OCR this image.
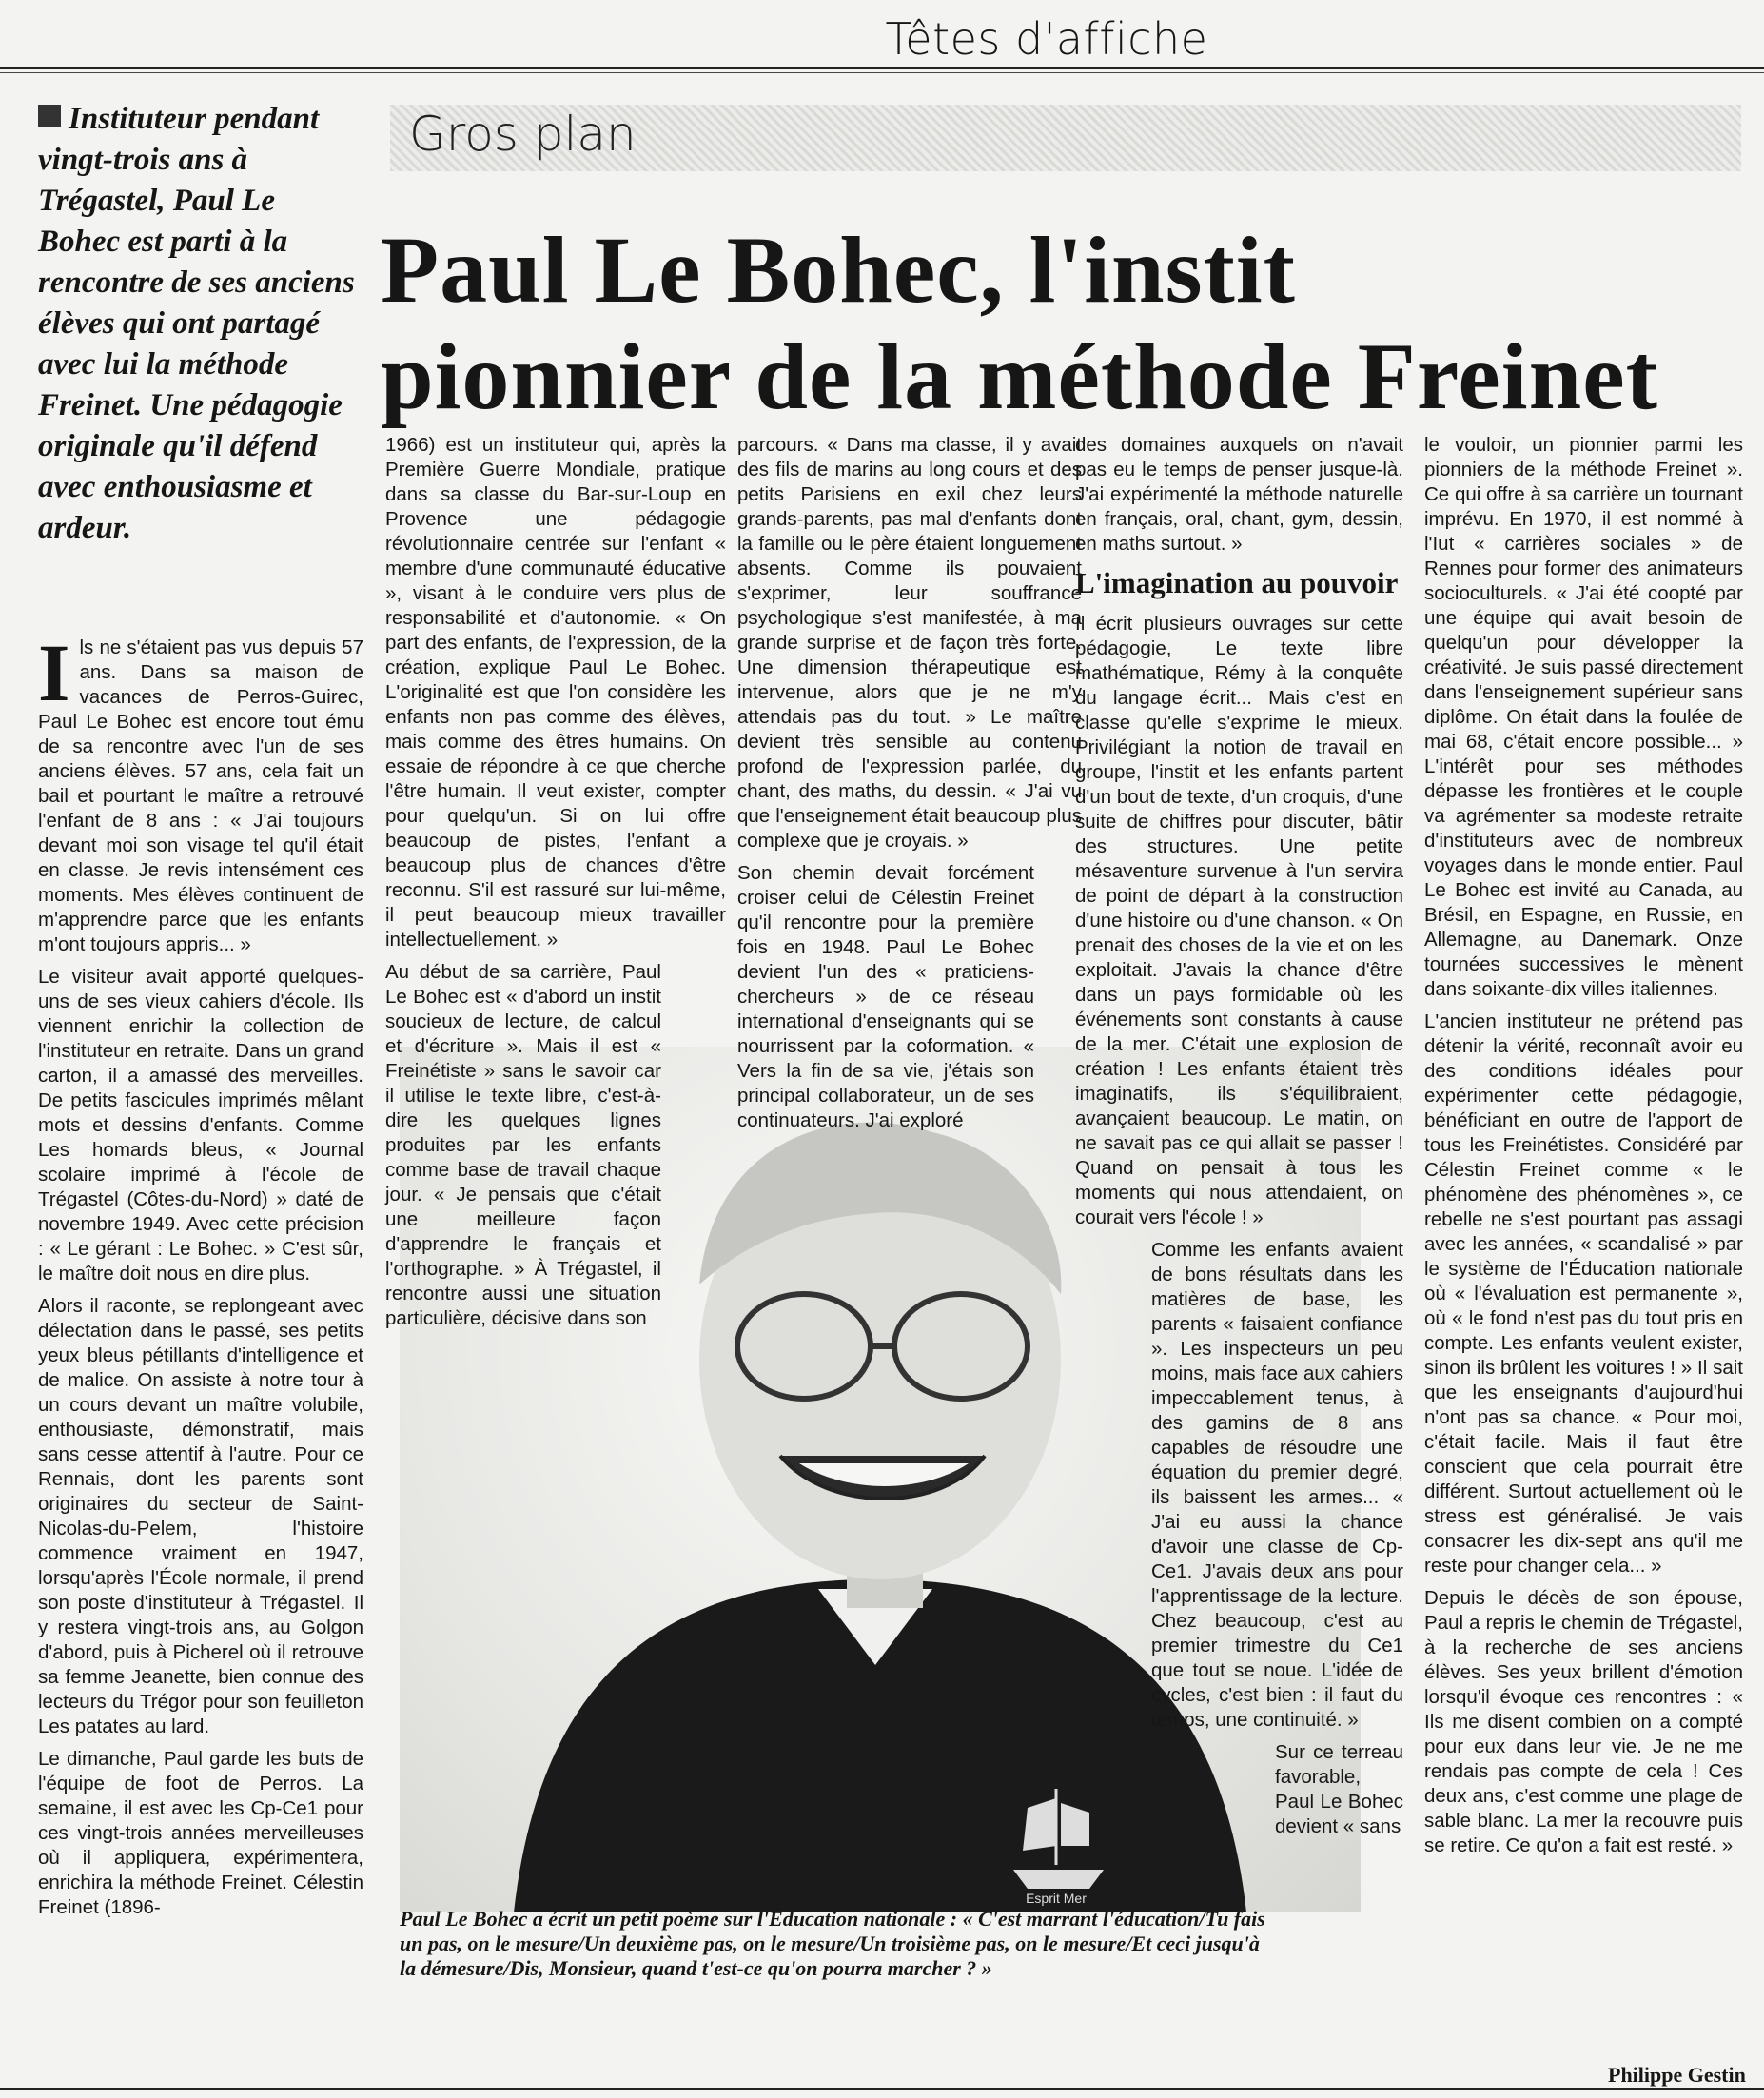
Têtes d'affiche
Instituteur pendant vingt-trois ans à Trégastel, Paul Le Bohec est parti à la rencontre de ses anciens élèves qui ont partagé avec lui la méthode Freinet. Une pédagogie originale qu'il défend avec enthousiasme et ardeur.
Gros plan
Paul Le Bohec, l'instit
pionnier de la méthode Freinet

Ils ne s'étaient pas vus depuis 57 ans. Dans sa maison de vacances de Perros-Guirec, Paul Le Bohec est encore tout ému de sa rencontre avec l'un de ses anciens élèves. 57 ans, cela fait un bail et pourtant le maître a retrouvé l'enfant de 8 ans : « J'ai toujours devant moi son visage tel qu'il était en classe. Je revis intensément ces moments. Mes élèves continuent de m'apprendre parce que les enfants m'ont toujours appris... »

Le visiteur avait apporté quelques-uns de ses vieux cahiers d'école. Ils viennent enrichir la collection de l'instituteur en retraite. Dans un grand carton, il a amassé des merveilles. De petits fascicules imprimés mêlant mots et dessins d'enfants. Comme Les homards bleus, « Journal scolaire imprimé à l'école de Trégastel (Côtes-du-Nord) » daté de novembre 1949. Avec cette précision : « Le gérant : Le Bohec. » C'est sûr, le maître doit nous en dire plus.

Alors il raconte, se replongeant avec délectation dans le passé, ses petits yeux bleus pétillants d'intelligence et de malice. On assiste à notre tour à un cours devant un maître volubile, enthousiaste, démonstratif, mais sans cesse attentif à l'autre. Pour ce Rennais, dont les parents sont originaires du secteur de Saint-Nicolas-du-Pelem, l'histoire commence vraiment en 1947, lorsqu'après l'École normale, il prend son poste d'instituteur à Trégastel. Il y restera vingt-trois ans, au Golgon d'abord, puis à Picherel où il retrouve sa femme Jeanette, bien connue des lecteurs du Trégor pour son feuilleton Les patates au lard.

Le dimanche, Paul garde les buts de l'équipe de foot de Perros. La semaine, il est avec les Cp-Ce1 pour ces vingt-trois années merveilleuses où il appliquera, expérimentera, enrichira la méthode Freinet. Célestin Freinet (1896-	Esprit Mer

1966) est un instituteur qui, après la Première Guerre Mondiale, pratique dans sa classe du Bar-sur-Loup en Provence une pédagogie révolutionnaire centrée sur l'enfant « membre d'une communauté éducative », visant à le conduire vers plus de responsabilité et d'autonomie. « On part des enfants, de l'expression, de la création, explique Paul Le Bohec. L'originalité est que l'on considère les enfants non pas comme des élèves, mais comme des êtres humains. On essaie de répondre à ce que cherche l'être humain. Il veut exister, compter pour quelqu'un. Si on lui offre beaucoup de pistes, l'enfant a beaucoup plus de chances d'être reconnu. S'il est rassuré sur lui-même, il peut beaucoup mieux travailler intellectuellement. »

Au début de sa carrière, Paul Le Bohec est « d'abord un instit soucieux de lecture, de calcul et d'écriture ». Mais il est « Freinétiste » sans le savoir car il utilise le texte libre, c'est-à-dire les quelques lignes produites par les enfants comme base de travail chaque jour. « Je pensais que c'était une meilleure façon d'apprendre le français et l'orthographe. » À Trégastel, il rencontre aussi une situation particulière, décisive dans son

parcours. « Dans ma classe, il y avait des fils de marins au long cours et des petits Parisiens en exil chez leurs grands-parents, pas mal d'enfants dont la famille ou le père étaient longuement absents. Comme ils pouvaient s'exprimer, leur souffrance psychologique s'est manifestée, à ma grande surprise et de façon très forte. Une dimension thérapeutique est intervenue, alors que je ne m'y attendais pas du tout. » Le maître devient très sensible au contenu profond de l'expression parlée, du chant, des maths, du dessin. « J'ai vu que l'enseignement était beaucoup plus complexe que je croyais. »

Son chemin devait forcément croiser celui de Célestin Freinet qu'il rencontre pour la première fois en 1948. Paul Le Bohec devient l'un des « praticiens-chercheurs » de ce réseau international d'enseignants qui se nourrissent par la coformation. « Vers la fin de sa vie, j'étais son principal collaborateur, un de ses continuateurs. J'ai exploré

des domaines auxquels on n'avait pas eu le temps de penser jusque-là. J'ai expérimenté la méthode naturelle en français, oral, chant, gym, dessin, en maths surtout. »

L'imagination au pouvoir

Il écrit plusieurs ouvrages sur cette pédagogie, Le texte libre mathématique, Rémy à la conquête du langage écrit... Mais c'est en classe qu'elle s'exprime le mieux. Privilégiant la notion de travail en groupe, l'instit et les enfants partent d'un bout de texte, d'un croquis, d'une suite de chiffres pour discuter, bâtir des structures. Une petite mésaventure survenue à l'un servira de point de départ à la construction d'une histoire ou d'une chanson. « On prenait des choses de la vie et on les exploitait. J'avais la chance d'être dans un pays formidable où les événements sont constants à cause de la mer. C'était une explosion de création ! Les enfants étaient très imaginatifs, ils s'équilibraient, avançaient beaucoup. Le matin, on ne savait pas ce qui allait se passer ! Quand on pensait à tous les moments qui nous attendaient, on courait vers l'école ! »

Comme les enfants avaient de bons résultats dans les matières de base, les parents « faisaient confiance ». Les inspecteurs un peu moins, mais face aux cahiers impeccablement tenus, à des gamins de 8 ans capables de résoudre une équation du premier degré, ils baissent les armes... « J'ai eu aussi la chance d'avoir une classe de Cp-Ce1. J'avais deux ans pour l'apprentissage de la lecture. Chez beaucoup, c'est au premier trimestre du Ce1 que tout se noue. L'idée de cycles, c'est bien : il faut du temps, une continuité. »

Sur ce terreau favorable, Paul Le Bohec devient « sans

le vouloir, un pionnier parmi les pionniers de la méthode Freinet ». Ce qui offre à sa carrière un tournant imprévu. En 1970, il est nommé à l'Iut « carrières sociales » de Rennes pour former des animateurs socioculturels. « J'ai été coopté par une équipe qui avait besoin de quelqu'un pour développer la créativité. Je suis passé directement dans l'enseignement supérieur sans diplôme. On était dans la foulée de mai 68, c'était encore possible... » L'intérêt pour ses méthodes dépasse les frontières et le couple va agrémenter sa modeste retraite d'instituteurs avec de nombreux voyages dans le monde entier. Paul Le Bohec est invité au Canada, au Brésil, en Espagne, en Russie, en Allemagne, au Danemark. Onze tournées successives le mènent dans soixante-dix villes italiennes.

L'ancien instituteur ne prétend pas détenir la vérité, reconnaît avoir eu des conditions idéales pour expérimenter cette pédagogie, bénéficiant en outre de l'apport de tous les Freinétistes. Considéré par Célestin Freinet comme « le phénomène des phénomènes », ce rebelle ne s'est pourtant pas assagi avec les années, « scandalisé » par le système de l'Éducation nationale où « l'évaluation est permanente », où « le fond n'est pas du tout pris en compte. Les enfants veulent exister, sinon ils brûlent les voitures ! » Il sait que les enseignants d'aujourd'hui n'ont pas sa chance. « Pour moi, c'était facile. Mais il faut être conscient que cela pourrait être différent. Surtout actuellement où le stress est généralisé. Je vais consacrer les dix-sept ans qu'il me reste pour changer cela... »

Depuis le décès de son épouse, Paul a repris le chemin de Trégastel, à la recherche de ses anciens élèves. Ses yeux brillent d'émotion lorsqu'il évoque ces rencontres : « Ils me disent combien on a compté pour eux dans leur vie. Je ne me rendais pas compte de cela ! Ces deux ans, c'est comme une plage de sable blanc. La mer la recouvre puis se retire. Ce qu'on a fait est resté. »

Paul Le Bohec a écrit un petit poème sur l'Éducation nationale : « C'est marrant l'éducation/Tu fais un pas, on le mesure/Un deuxième pas, on le mesure/Un troisième pas, on le mesure/Et ceci jusqu'à la démesure/Dis, Monsieur, quand t'est-ce qu'on pourra marcher ? »
Philippe Gestin
